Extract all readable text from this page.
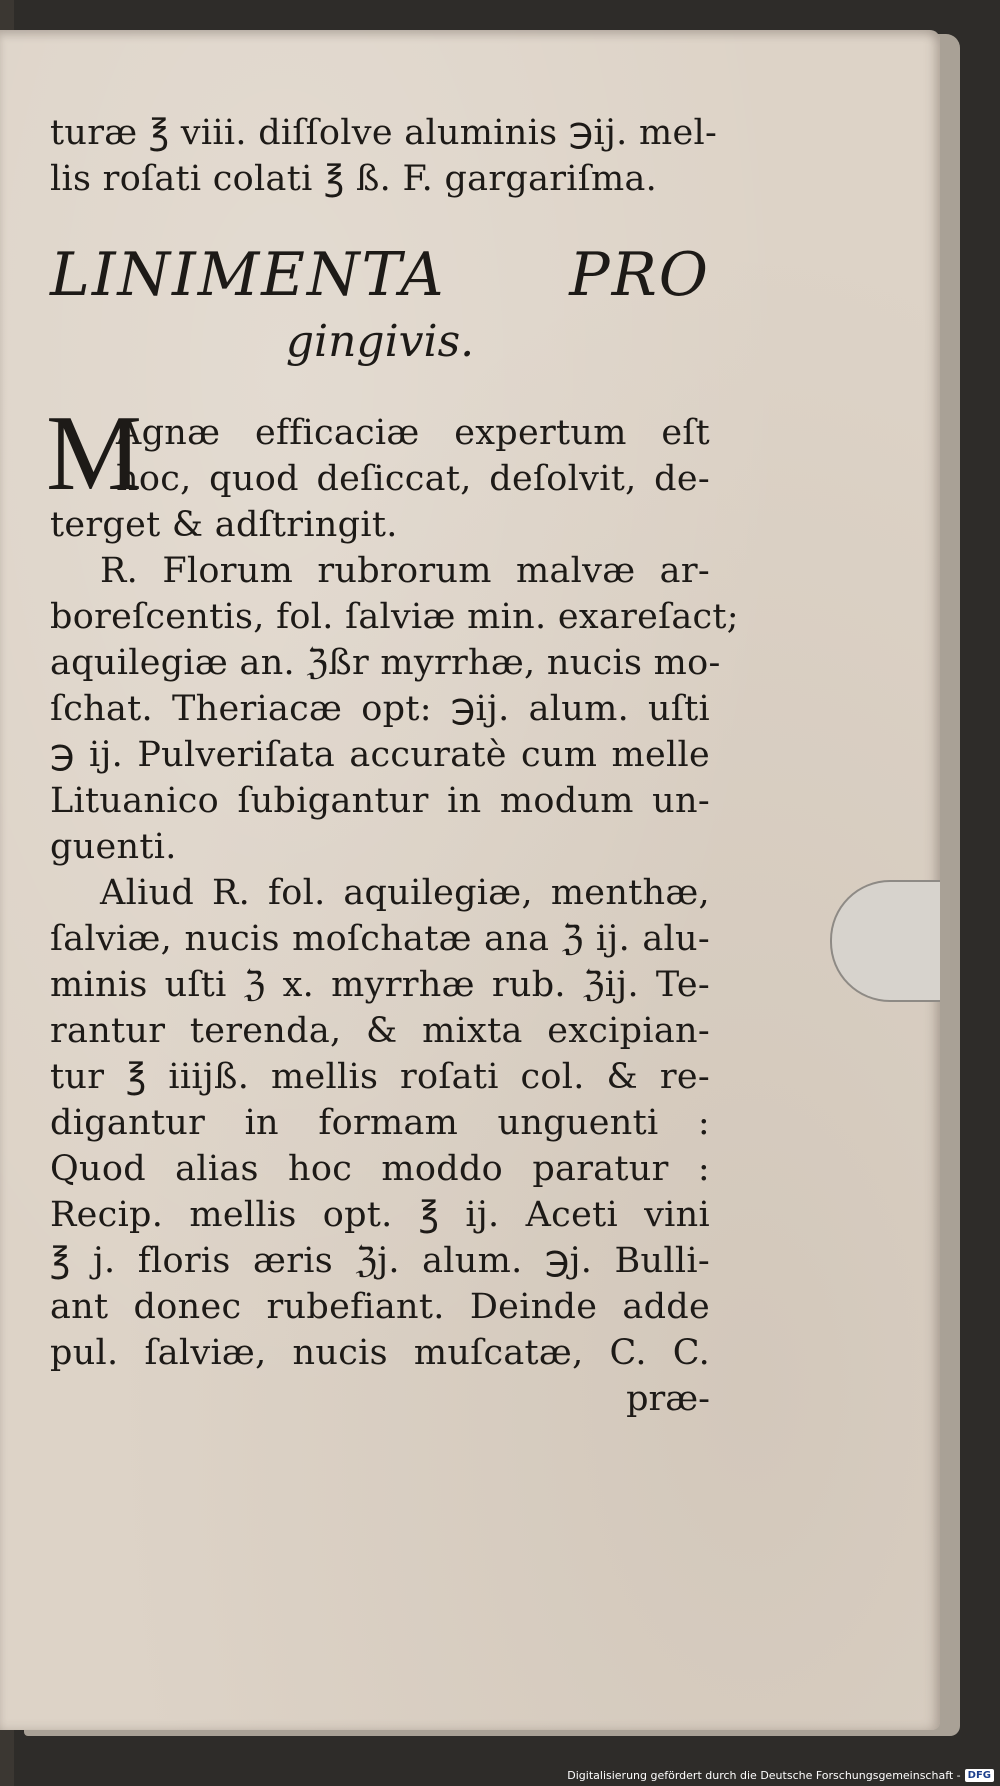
turæ ℥ viii. diſſolve aluminis ℈ij. mel-
lis roſati colati ℥ ß. F. gargariſma.
LINIMENTA PRO
gingivis.
M
Agnæ efficaciæ expertum eſt
hoc, quod deſiccat, deſolvit, de-
terget & adſtringit.
R. Florum rubrorum malvæ ar-
boreſcentis, fol. ſalviæ min. exareſact;
aquilegiæ an. ℨßr myrrhæ, nucis mo-
ſchat. Theriacæ opt: ℈ij. alum. uſti
℈ ij. Pulveriſata accuratè cum melle
Lituanico ſubigantur in modum un-
guenti.
Aliud R. fol. aquilegiæ, menthæ,
ſalviæ, nucis moſchatæ ana ℨ ij. alu-
minis uſti ℨ x. myrrhæ rub. ℨij. Te-
rantur terenda, & mixta excipian-
tur ℥ iiijß. mellis roſati col. & re-
digantur in formam unguenti :
Quod alias hoc moddo paratur :
Recip. mellis opt. ℥ ij. Aceti vini
℥ j. floris æris ℨj. alum. ℈j. Bulli-
ant donec rubefiant. Deinde adde
pul. ſalviæ, nucis muſcatæ, C. C.
præ-
Digitalisierung gefördert durch die Deutsche Forschungsgemeinschaft - DFG
